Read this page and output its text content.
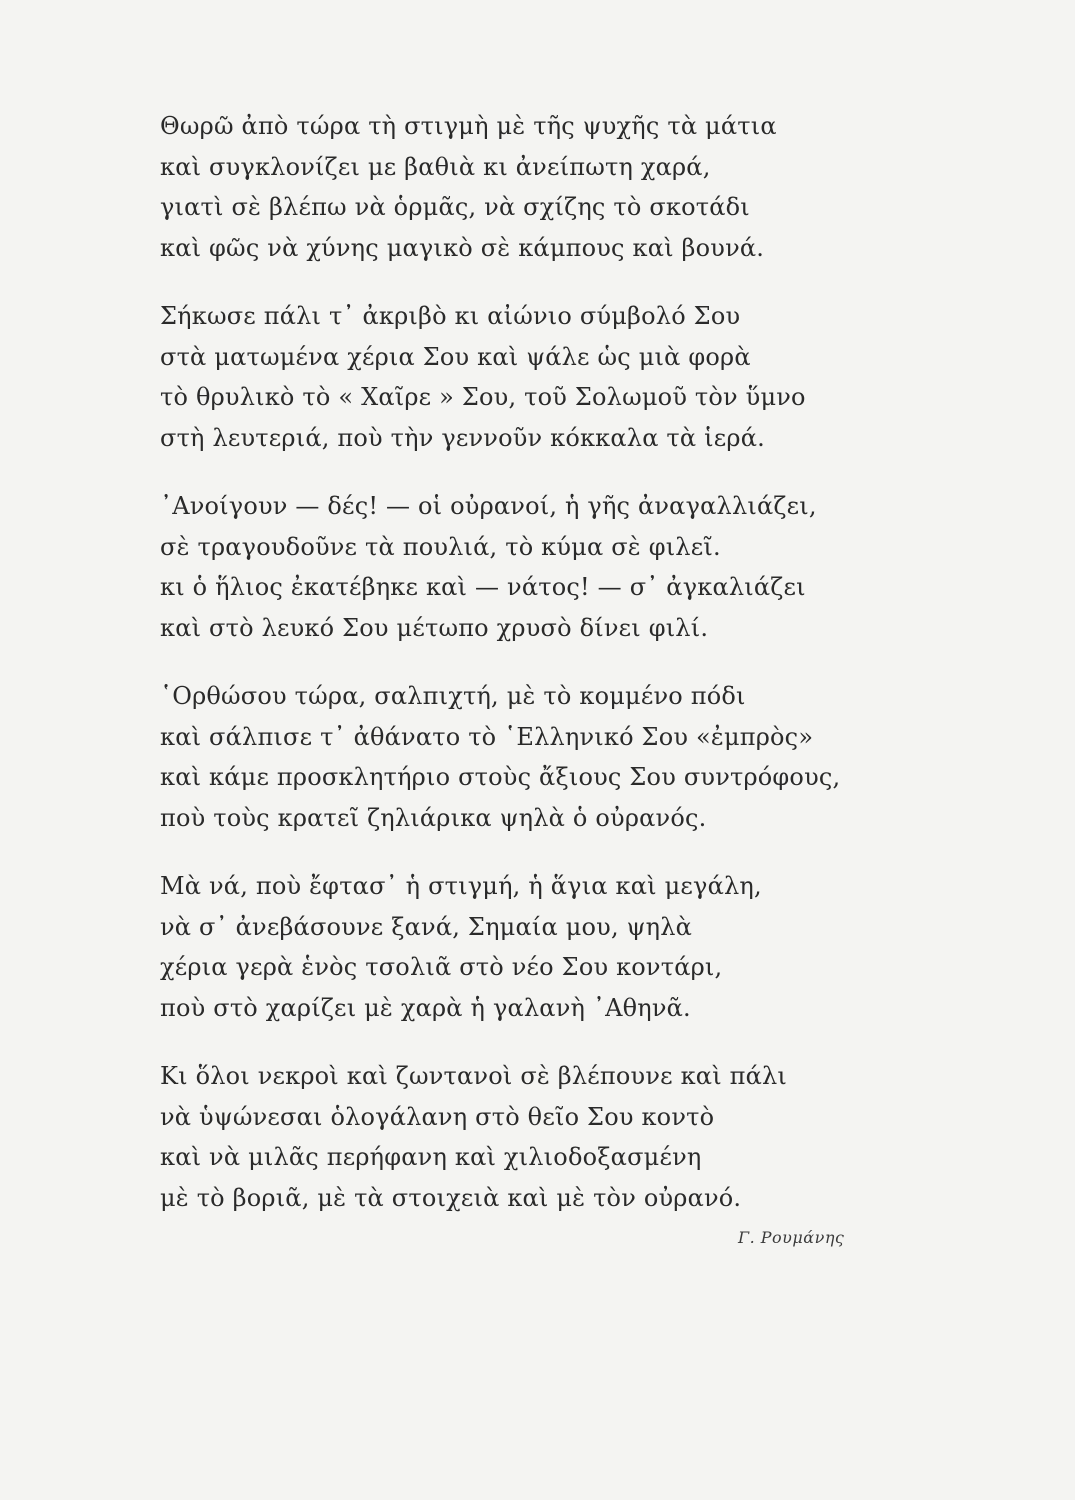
Θωρῶ ἀπὸ τώρα τὴ στιγμὴ μὲ τῆς ψυχῆς τὰ μάτια
καὶ συγκλονίζει με βαθιὰ κι ἀνείπωτη χαρά,
γιατὶ σὲ βλέπω νὰ ὁρμᾶς, νὰ σχίζης τὸ σκοτάδι
καὶ φῶς νὰ χύνης μαγικὸ σὲ κάμπους καὶ βουνά.
Σήκωσε πάλι τ᾽ ἀκριβὸ κι αἰώνιο σύμβολό Σου
στὰ ματωμένα χέρια Σου καὶ ψάλε ὡς μιὰ φορὰ
τὸ θρυλικὸ τὸ « Χαῖρε » Σου, τοῦ Σολωμοῦ τὸν ὕμνο
στὴ λευτεριά, ποὺ τὴν γεννοῦν κόκκαλα τὰ ἱερά.
᾽Ανοίγουν — δές! — οἱ οὐρανοί, ἡ γῆς ἀναγαλλιάζει,
σὲ τραγουδοῦνε τὰ πουλιά, τὸ κύμα σὲ φιλεῖ.
κι ὁ ἥλιος ἐκατέβηκε καὶ — νάτος! — σ᾽ ἀγκαλιάζει
καὶ στὸ λευκό Σου μέτωπο χρυσὸ δίνει φιλί.
῾Ορθώσου τώρα, σαλπιχτή, μὲ τὸ κομμένο πόδι
καὶ σάλπισε τ᾽ ἀθάνατο τὸ ῾Ελληνικό Σου «ἐμπρὸς»
καὶ κάμε προσκλητήριο στοὺς ἄξιους Σου συντρόφους,
ποὺ τοὺς κρατεῖ ζηλιάρικα ψηλὰ ὁ οὐρανός.
Μὰ νά, ποὺ ἔφτασ᾽ ἡ στιγμή, ἡ ἅγια καὶ μεγάλη,
νὰ σ᾽ ἀνεβάσουνε ξανά, Σημαία μου, ψηλὰ
χέρια γερὰ ἑνὸς τσολιᾶ στὸ νέο Σου κοντάρι,
ποὺ στὸ χαρίζει μὲ χαρὰ ἡ γαλανὴ ᾽Αθηνᾶ.
Κι ὅλοι νεκροὶ καὶ ζωντανοὶ σὲ βλέπουνε καὶ πάλι
νὰ ὑψώνεσαι ὁλογάλανη στὸ θεῖο Σου κοντὸ
καὶ νὰ μιλᾶς περήφανη καὶ χιλιοδοξασμένη
μὲ τὸ βοριᾶ, μὲ τὰ στοιχειὰ καὶ μὲ τὸν οὐρανό.
Γ. Ρουμάνης
